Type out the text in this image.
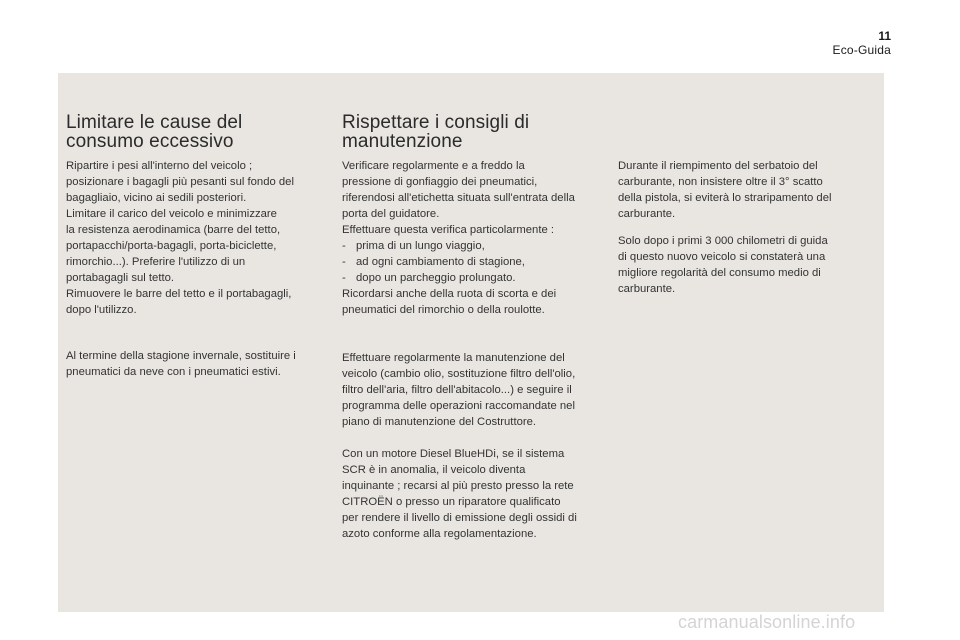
11
Eco-Guida
Limitare le cause del
consumo eccessivo

Ripartire i pesi all'interno del veicolo ;
posizionare i bagagli più pesanti sul fondo del
bagagliaio, vicino ai sedili posteriori.
Limitare il carico del veicolo e minimizzare
la resistenza aerodinamica (barre del tetto,
portapacchi/porta-bagagli, porta-biciclette,
rimorchio...). Preferire l'utilizzo di un
portabagagli sul tetto.
Rimuovere le barre del tetto e il portabagagli,
dopo l'utilizzo.

Al termine della stagione invernale, sostituire i
pneumatici da neve con i pneumatici estivi.

Rispettare i consigli di
manutenzione

Verificare regolarmente e a freddo la
pressione di gonfiaggio dei pneumatici,
riferendosi all'etichetta situata sull'entrata della
porta del guidatore.
Effettuare questa verifica particolarmente :
- prima di un lungo viaggio,
- ad ogni cambiamento di stagione,
- dopo un parcheggio prolungato.
Ricordarsi anche della ruota di scorta e dei
pneumatici del rimorchio o della roulotte.

Effettuare regolarmente la manutenzione del
veicolo (cambio olio, sostituzione filtro dell'olio,
filtro dell'aria, filtro dell'abitacolo...) e seguire il
programma delle operazioni raccomandate nel
piano di manutenzione del Costruttore.

Con un motore Diesel BlueHDi, se il sistema
SCR è in anomalia, il veicolo diventa
inquinante ; recarsi al più presto presso la rete
CITROËN o presso un riparatore qualificato
per rendere il livello di emissione degli ossidi di
azoto conforme alla regolamentazione.

Durante il riempimento del serbatoio del
carburante, non insistere oltre il 3° scatto
della pistola, si eviterà lo straripamento del
carburante.

Solo dopo i primi 3 000 chilometri di guida
di questo nuovo veicolo si constaterà una
migliore regolarità del consumo medio di
carburante.

carmanualsonline.info
